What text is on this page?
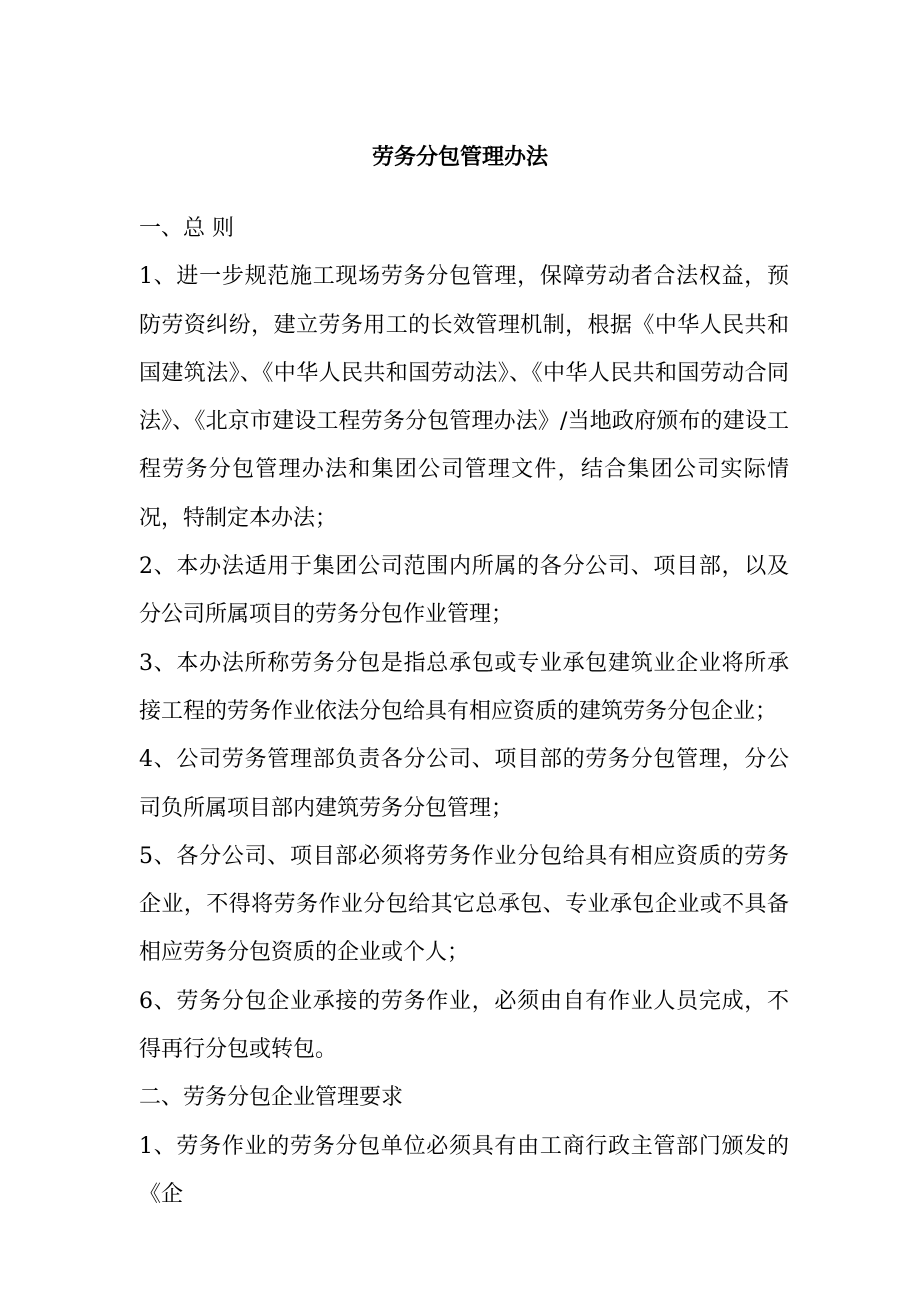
劳务分包管理办法

一、总 则

1、进一步规范施工现场劳务分包管理，保障劳动者合法权益，预防劳资纠纷，建立劳务用工的长效管理机制，根据《中华人民共和国建筑法》、《中华人民共和国劳动法》、《中华人民共和国劳动合同法》、《北京市建设工程劳务分包管理办法》/当地政府颁布的建设工程劳务分包管理办法和集团公司管理文件，结合集团公司实际情况，特制定本办法；

2、本办法适用于集团公司范围内所属的各分公司、项目部，以及分公司所属项目的劳务分包作业管理；

3、本办法所称劳务分包是指总承包或专业承包建筑业企业将所承接工程的劳务作业依法分包给具有相应资质的建筑劳务分包企业；

4、公司劳务管理部负责各分公司、项目部的劳务分包管理，分公司负所属项目部内建筑劳务分包管理；

5、各分公司、项目部必须将劳务作业分包给具有相应资质的劳务企业，不得将劳务作业分包给其它总承包、专业承包企业或不具备相应劳务分包资质的企业或个人；

6、劳务分包企业承接的劳务作业，必须由自有作业人员完成，不得再行分包或转包。

二、劳务分包企业管理要求

1、劳务作业的劳务分包单位必须具有由工商行政主管部门颁发的《企
